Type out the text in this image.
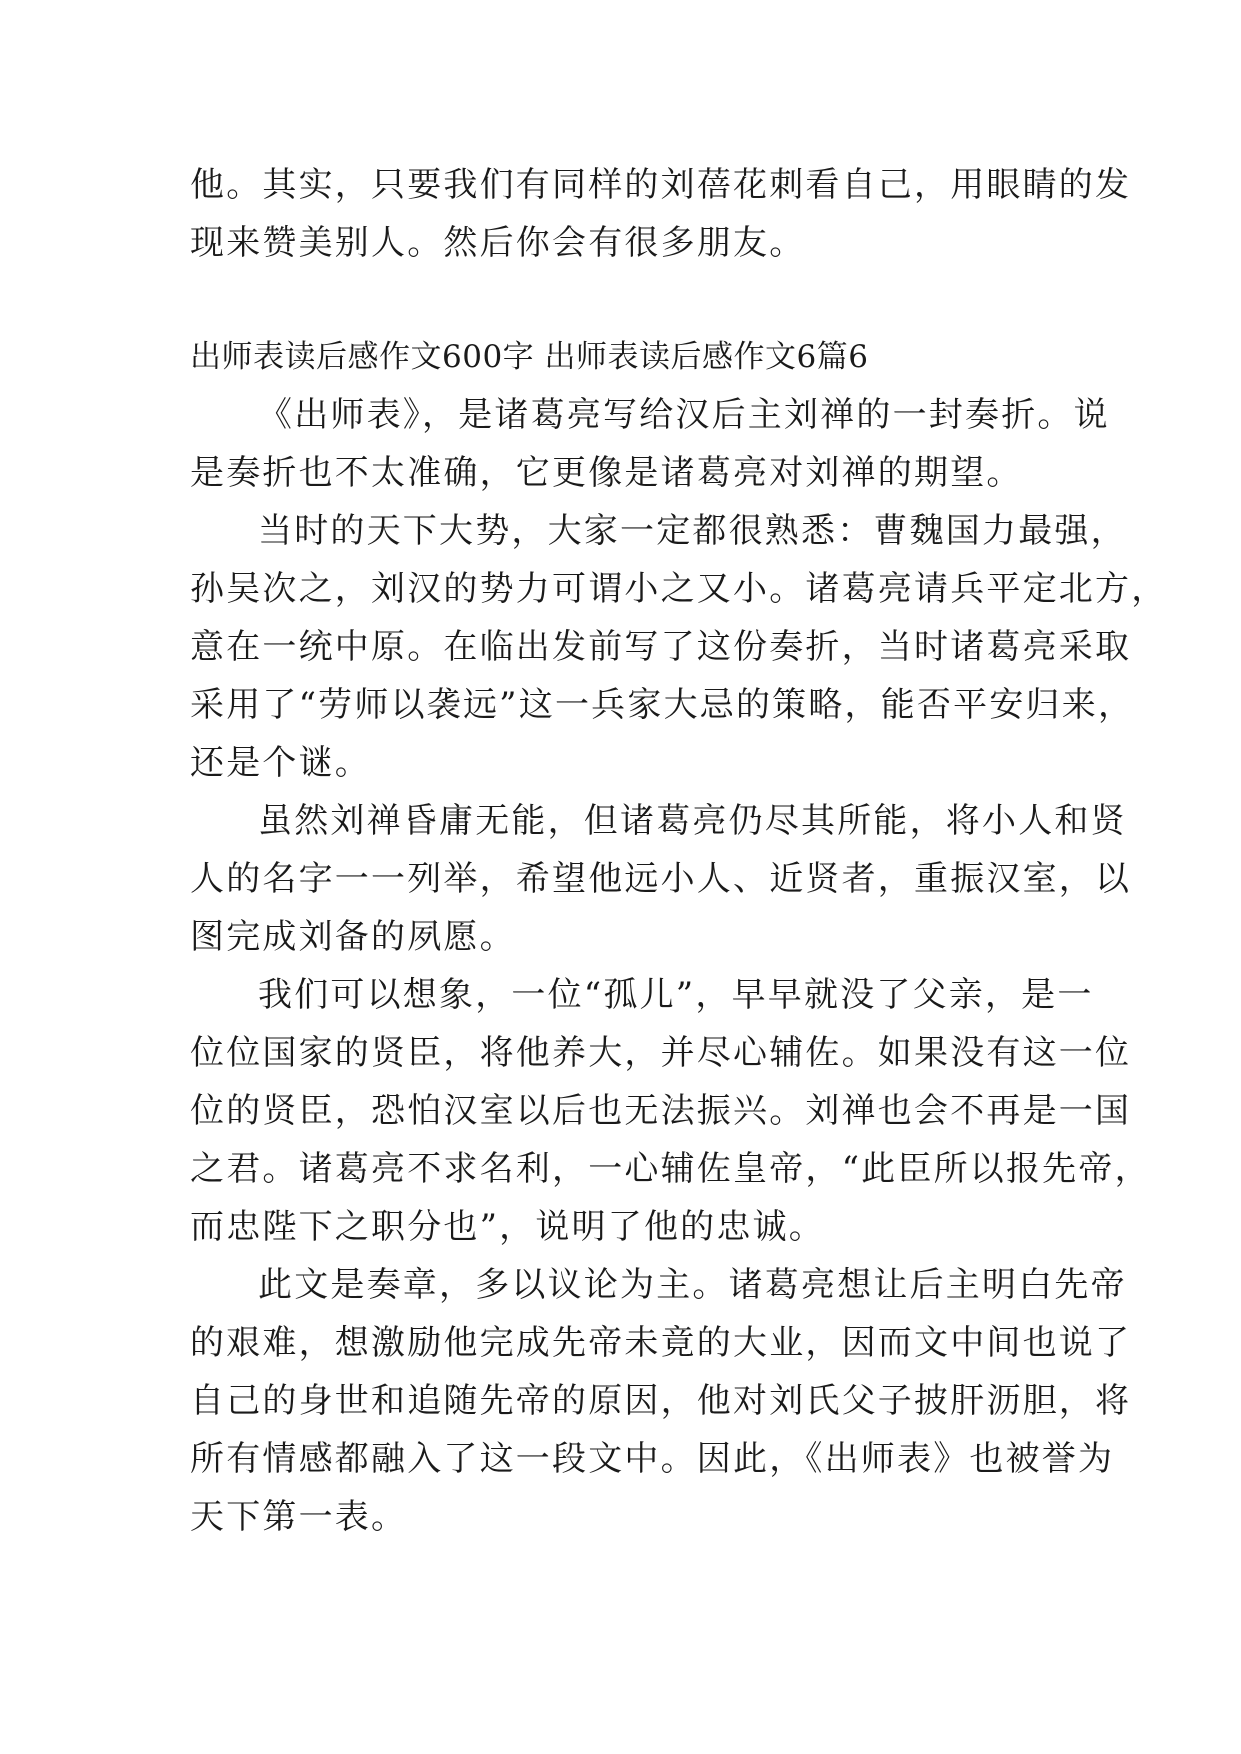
他。其实，只要我们有同样的刘蓓花刺看自己，用眼睛的发
现来赞美别人。然后你会有很多朋友。
出师表读后感作文600字 出师表读后感作文6篇6
《出师表》，是诸葛亮写给汉后主刘禅的一封奏折。说
是奏折也不太准确，它更像是诸葛亮对刘禅的期望。
当时的天下大势，大家一定都很熟悉：曹魏国力最强，
孙吴次之，刘汉的势力可谓小之又小。诸葛亮请兵平定北方，
意在一统中原。在临出发前写了这份奏折，当时诸葛亮采取
采用了“劳师以袭远”这一兵家大忌的策略，能否平安归来，
还是个谜。
虽然刘禅昏庸无能，但诸葛亮仍尽其所能，将小人和贤
人的名字一一列举，希望他远小人、近贤者，重振汉室，以
图完成刘备的夙愿。
我们可以想象，一位“孤儿”，早早就没了父亲，是一
位位国家的贤臣，将他养大，并尽心辅佐。如果没有这一位
位的贤臣，恐怕汉室以后也无法振兴。刘禅也会不再是一国
之君。诸葛亮不求名利，一心辅佐皇帝，“此臣所以报先帝，
而忠陛下之职分也”，说明了他的忠诚。
此文是奏章，多以议论为主。诸葛亮想让后主明白先帝
的艰难，想激励他完成先帝未竟的大业，因而文中间也说了
自己的身世和追随先帝的原因，他对刘氏父子披肝沥胆，将
所有情感都融入了这一段文中。因此，《出师表》也被誉为
天下第一表。
